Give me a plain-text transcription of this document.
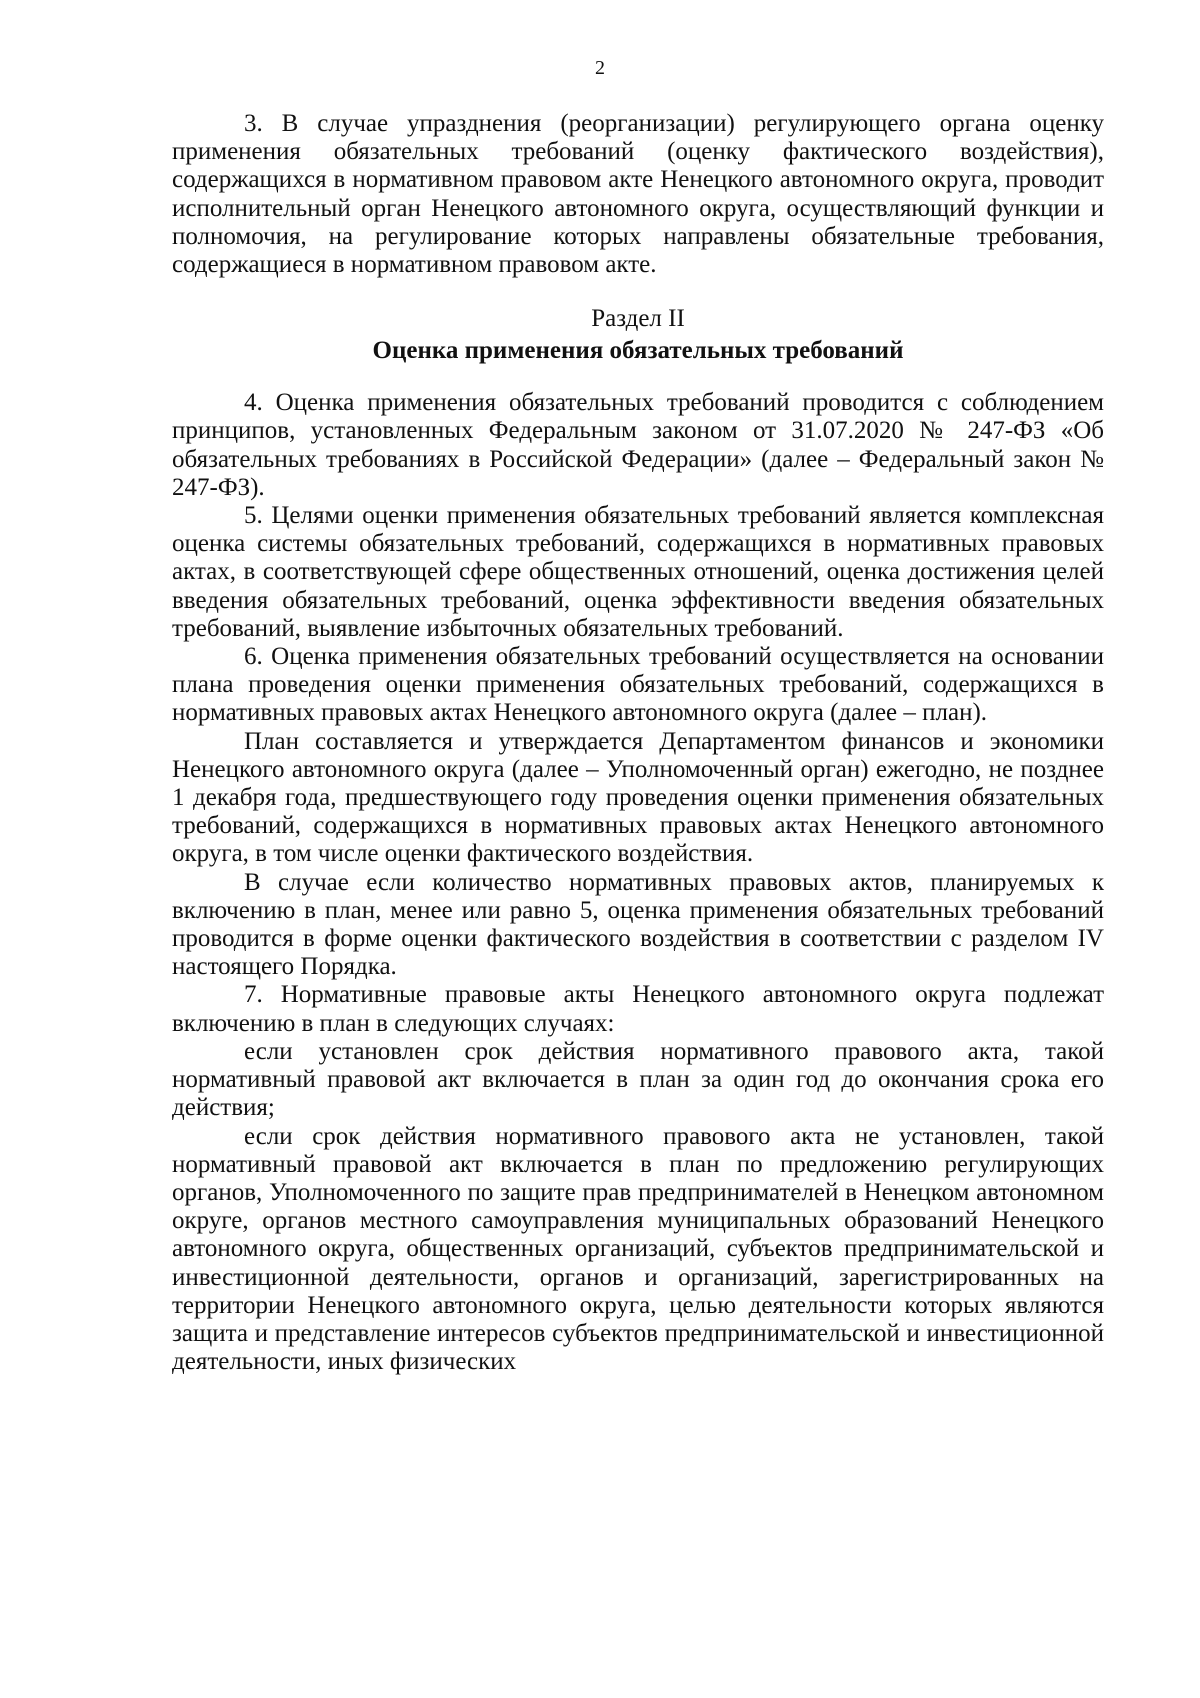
2

3. В случае упразднения (реорганизации) регулирующего органа оценку применения обязательных требований (оценку фактического воздействия), содержащихся в нормативном правовом акте Ненецкого автономного округа, проводит исполнительный орган Ненецкого автономного округа, осуществляющий функции и полномочия, на регулирование которых направлены обязательные требования, содержащиеся в нормативном правовом акте.

Раздел II
Оценка применения обязательных требований

4. Оценка применения обязательных требований проводится с соблюдением принципов, установленных Федеральным законом от 31.07.2020 № 247-ФЗ «Об обязательных требованиях в Российской Федерации» (далее – Федеральный закон № 247-ФЗ).

5. Целями оценки применения обязательных требований является комплексная оценка системы обязательных требований, содержащихся в нормативных правовых актах, в соответствующей сфере общественных отношений, оценка достижения целей введения обязательных требований, оценка эффективности введения обязательных требований, выявление избыточных обязательных требований.

6. Оценка применения обязательных требований осуществляется на основании плана проведения оценки применения обязательных требований, содержащихся в нормативных правовых актах Ненецкого автономного округа (далее – план).

План составляется и утверждается Департаментом финансов и экономики Ненецкого автономного округа (далее – Уполномоченный орган) ежегодно, не позднее 1 декабря года, предшествующего году проведения оценки применения обязательных требований, содержащихся в нормативных правовых актах Ненецкого автономного округа, в том числе оценки фактического воздействия.

В случае если количество нормативных правовых актов, планируемых к включению в план, менее или равно 5, оценка применения обязательных требований проводится в форме оценки фактического воздействия в соответствии с разделом IV настоящего Порядка.

7. Нормативные правовые акты Ненецкого автономного округа подлежат включению в план в следующих случаях:

если установлен срок действия нормативного правового акта, такой нормативный правовой акт включается в план за один год до окончания срока его действия;

если срок действия нормативного правового акта не установлен, такой нормативный правовой акт включается в план по предложению регулирующих органов, Уполномоченного по защите прав предпринимателей в Ненецком автономном округе, органов местного самоуправления муниципальных образований Ненецкого автономного округа, общественных организаций, субъектов предпринимательской и инвестиционной деятельности, органов и организаций, зарегистрированных на территории Ненецкого автономного округа, целью деятельности которых являются защита и представление интересов субъектов предпринимательской и инвестиционной деятельности, иных физических
